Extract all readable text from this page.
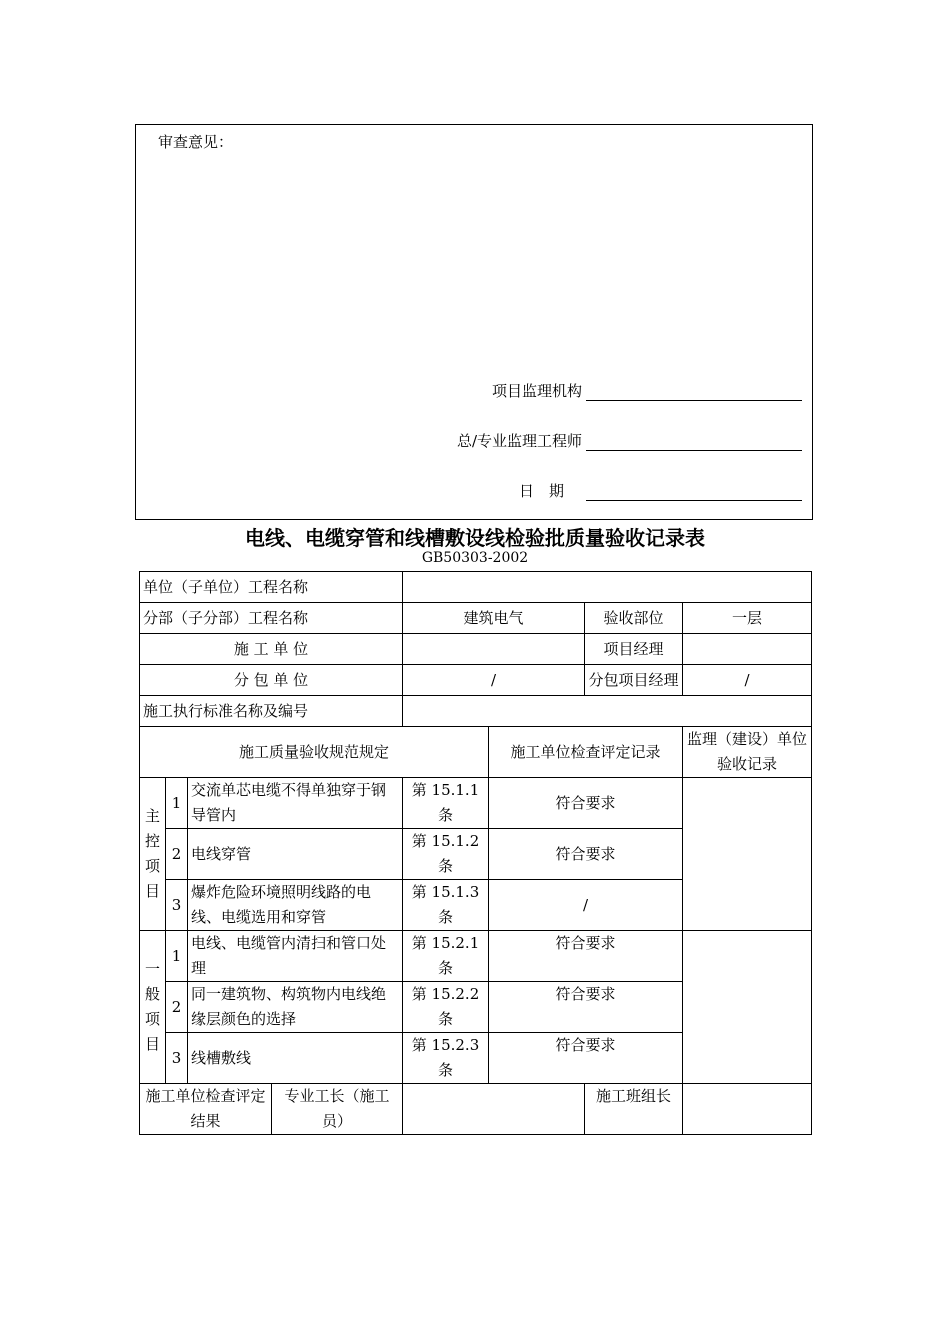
审查意见：
项目监理机构
总/专业监理工程师
日　期
电线、电缆穿管和线槽敷设线检验批质量验收记录表
GB50303-2002
单位（子单位）工程名称							
分部（子分部）工程名称				建筑电气		验收部位	一层
施 工 单 位						项目经理	
分 包 单 位				/		分包项目经理	/
施工执行标准名称及编号							
施工质量验收规范规定					施工单位检查评定记录		监理（建设）单位验收记录
主控项目	1	交流单芯电缆不得单独穿于钢导管内		第 15.1.1 条	符合要求		
	2	电线穿管		第 15.1.2 条	符合要求		
	3	爆炸危险环境照明线路的电线、电缆选用和穿管		第 15.1.3 条	/		
一般项目	1	电线、电缆管内清扫和管口处理		第 15.2.1 条	符合要求		
	2	同一建筑物、构筑物内电线绝缘层颜色的选择		第 15.2.2 条	符合要求		
	3	线槽敷线		第 15.2.3 条	符合要求		
施工单位检查评定结果			专业工长（施工员）			施工班组长	
